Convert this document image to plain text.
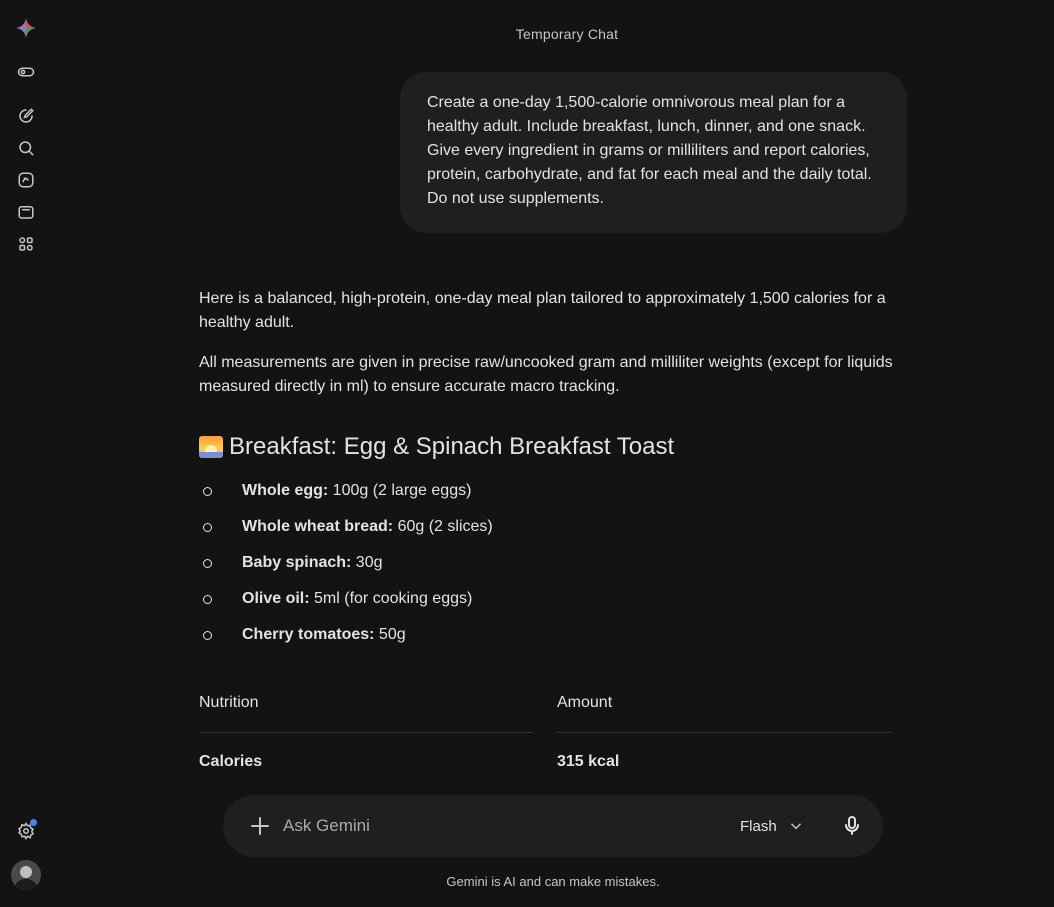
Temporary Chat
Create a one-day 1,500-calorie omnivorous meal plan for a healthy adult. Include breakfast, lunch, dinner, and one snack. Give every ingredient in grams or milliliters and report calories, protein, carbohydrate, and fat for each meal and the daily total. Do not use supplements.

Here is a balanced, high-protein, one-day meal plan tailored to approximately 1,500 calories for a healthy adult.

All measurements are given in precise raw/uncooked gram and milliliter weights (except for liquids measured directly in ml) to ensure accurate macro tracking.

Breakfast: Egg & Spinach Breakfast Toast
Whole egg: 100g (2 large eggs)
Whole wheat bread: 60g (2 slices)
Baby spinach: 30g
Olive oil: 5ml (for cooking eggs)
Cherry tomatoes: 50g
Nutrition		Amount
Calories		315 kcal
Ask Gemini
Flash
Gemini is AI and can make mistakes.
